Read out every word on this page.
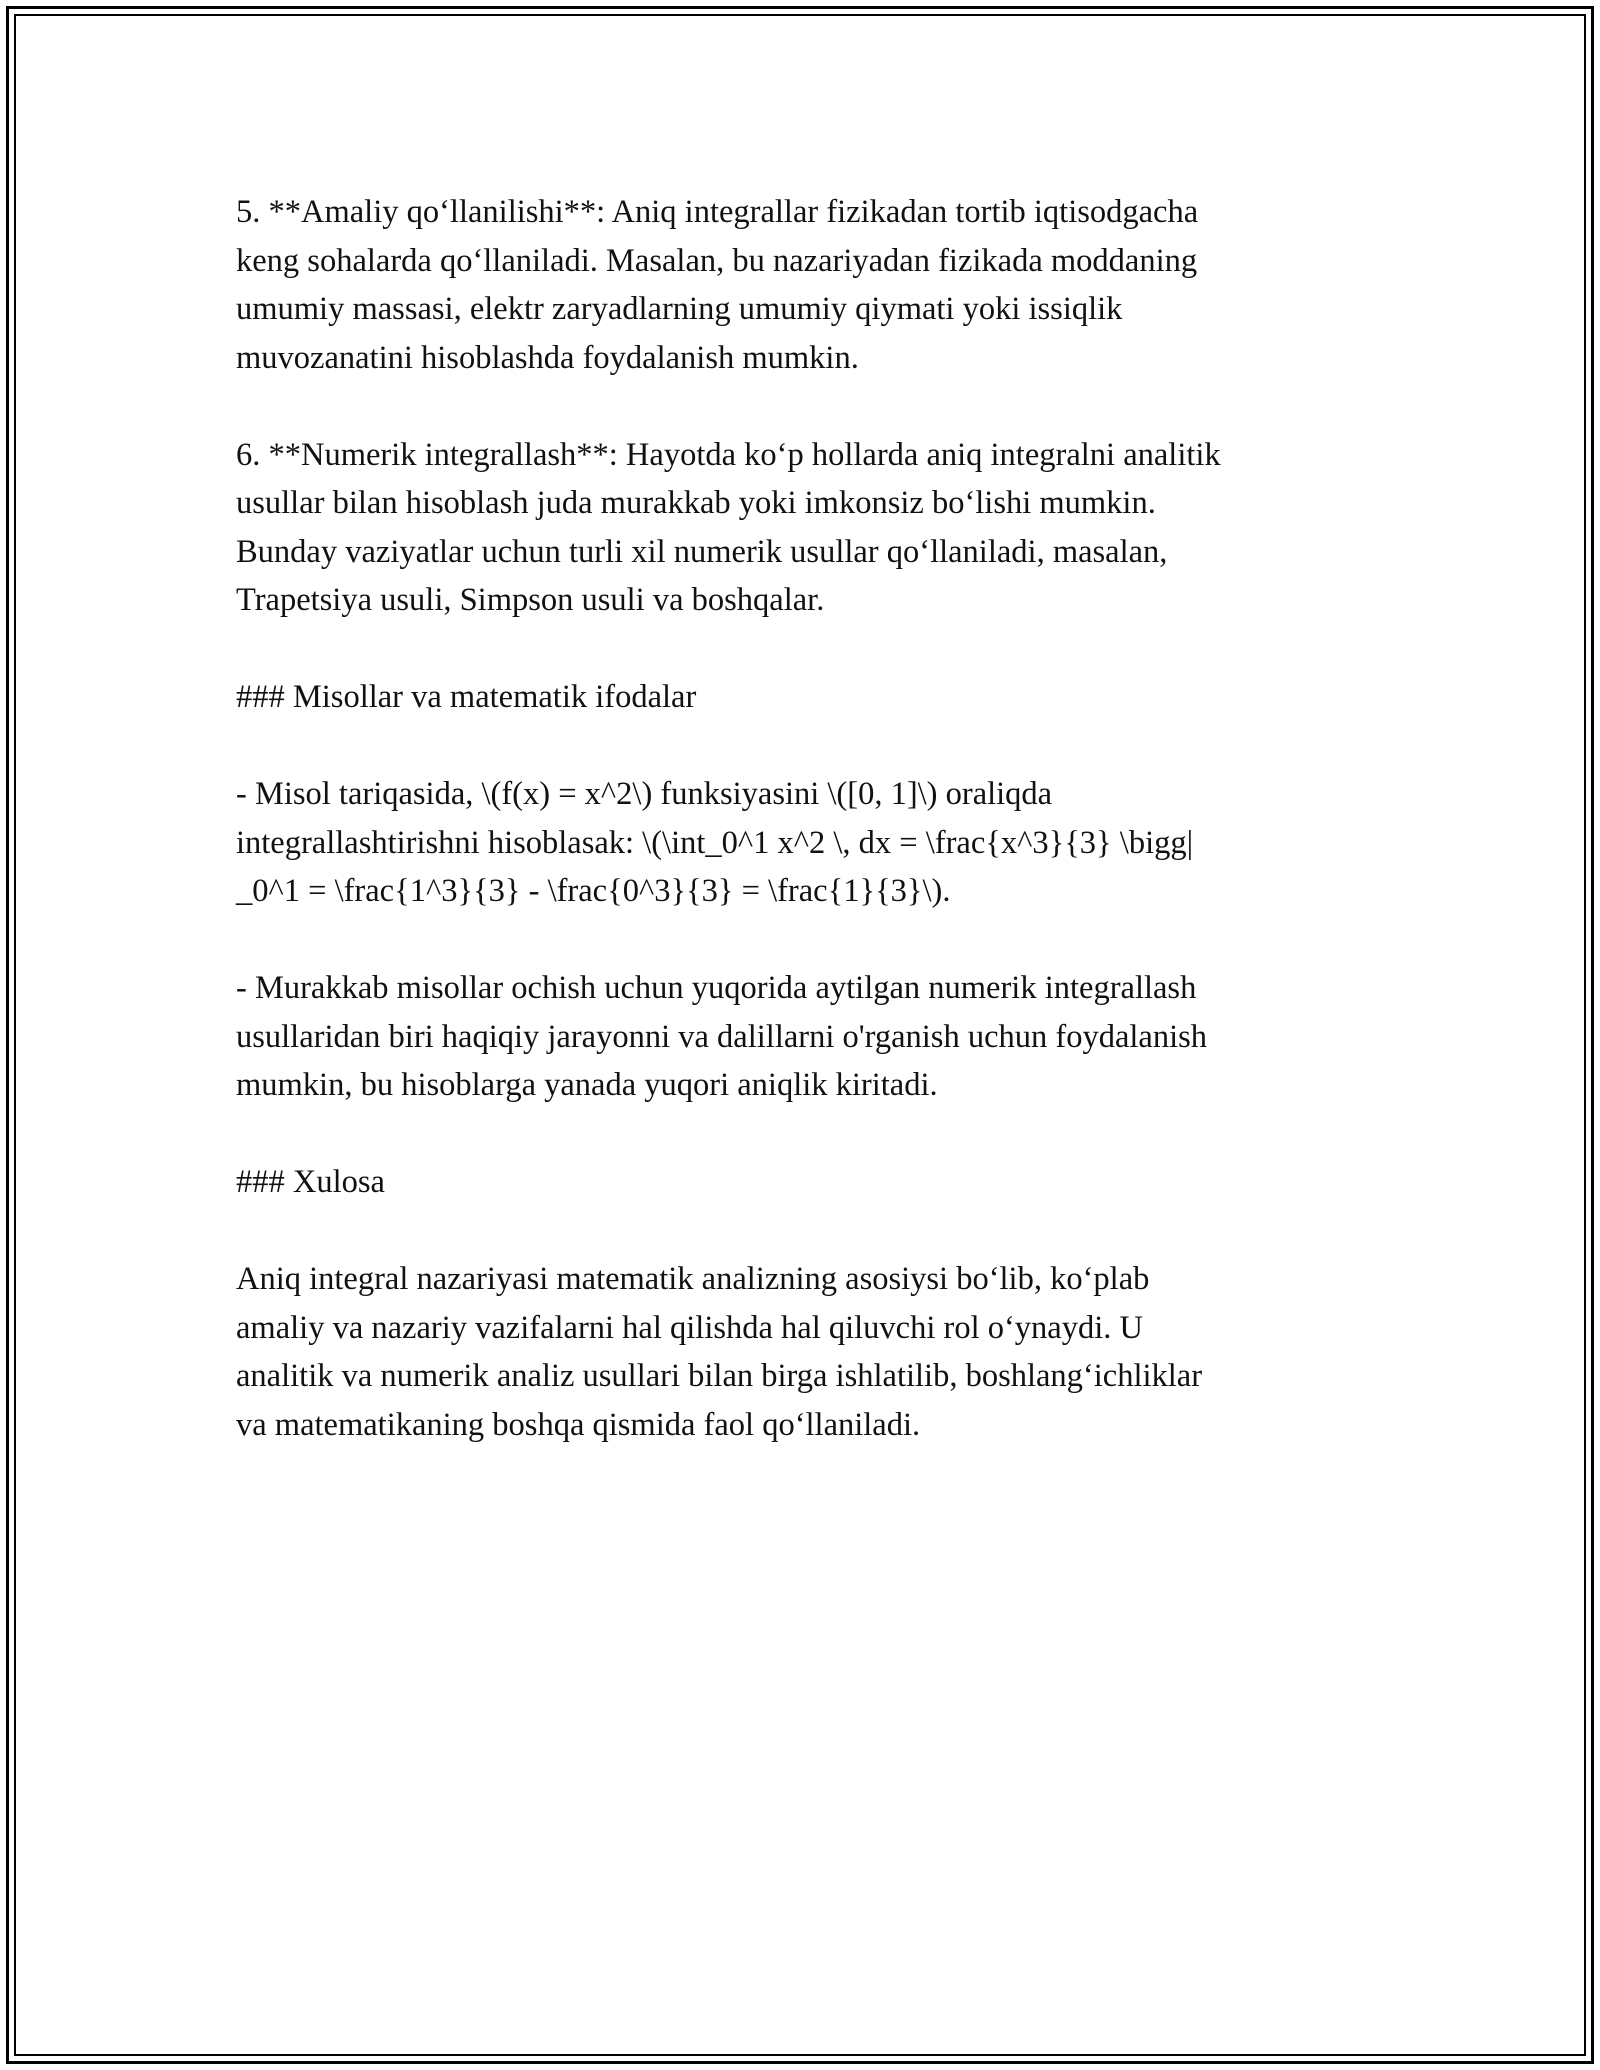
5. **Amaliy qo‘llanilishi**: Aniq integrallar fizikadan tortib iqtisodgacha
keng sohalarda qo‘llaniladi. Masalan, bu nazariyadan fizikada moddaning
umumiy massasi, elektr zaryadlarning umumiy qiymati yoki issiqlik
muvozanatini hisoblashda foydalanish mumkin.

6. **Numerik integrallash**: Hayotda ko‘p hollarda aniq integralni analitik
usullar bilan hisoblash juda murakkab yoki imkonsiz bo‘lishi mumkin.
Bunday vaziyatlar uchun turli xil numerik usullar qo‘llaniladi, masalan,
Trapetsiya usuli, Simpson usuli va boshqalar.

### Misollar va matematik ifodalar

- Misol tariqasida, \(f(x) = x^2\) funksiyasini \([0, 1]\) oraliqda
integrallashtirishni hisoblasak: \(\int_0^1 x^2 \, dx = \frac{x^3}{3} \bigg|
_0^1 = \frac{1^3}{3} - \frac{0^3}{3} = \frac{1}{3}\).

- Murakkab misollar ochish uchun yuqorida aytilgan numerik integrallash
usullaridan biri haqiqiy jarayonni va dalillarni o'rganish uchun foydalanish
mumkin, bu hisoblarga yanada yuqori aniqlik kiritadi.

### Xulosa

Aniq integral nazariyasi matematik analizning asosiysi bo‘lib, ko‘plab
amaliy va nazariy vazifalarni hal qilishda hal qiluvchi rol o‘ynaydi. U
analitik va numerik analiz usullari bilan birga ishlatilib, boshlang‘ichliklar
va matematikaning boshqa qismida faol qo‘llaniladi.
